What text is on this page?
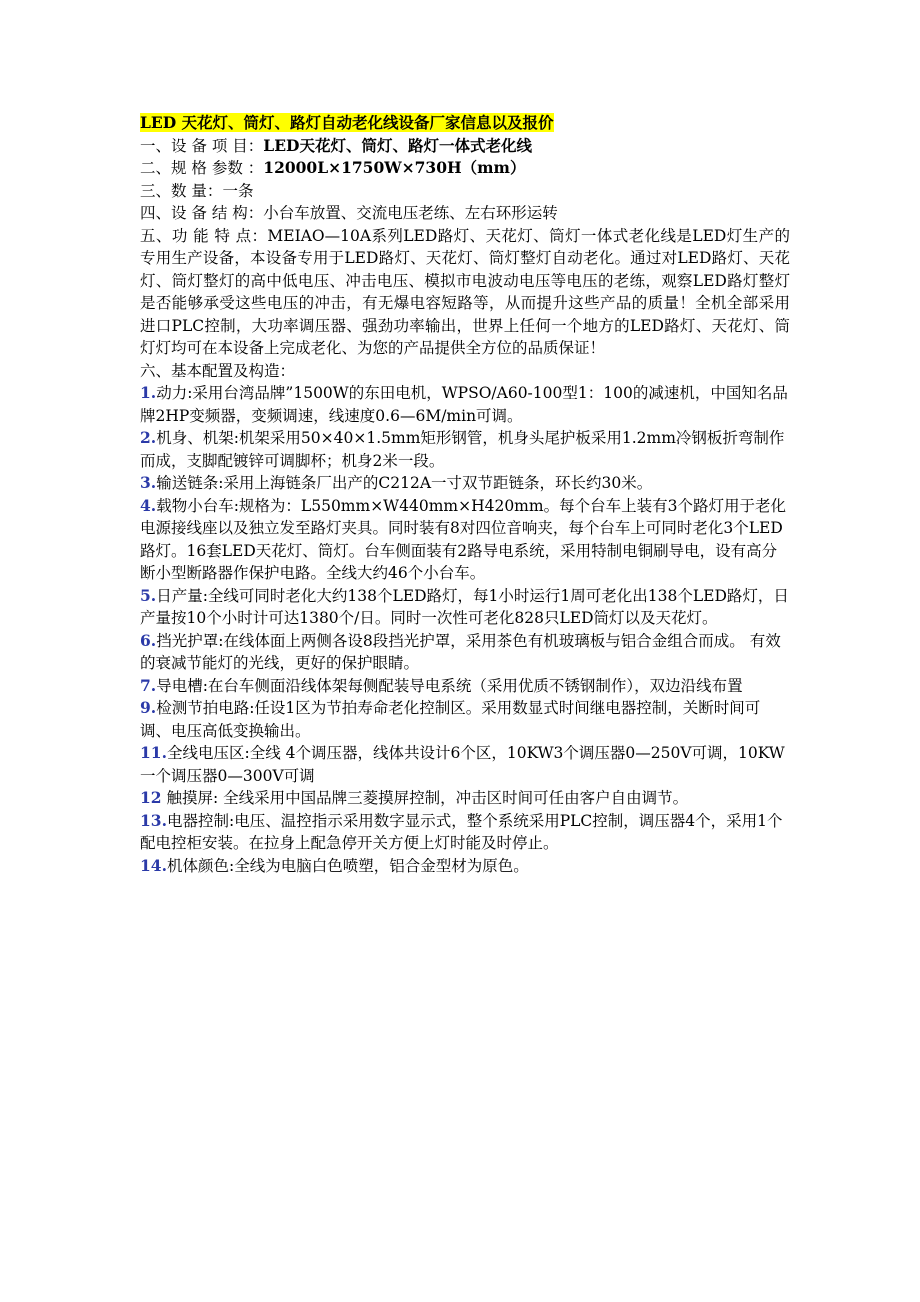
LED 天花灯、筒灯、路灯自动老化线设备厂家信息以及报价

一、设 备 项 目：LED天花灯、筒灯、路灯一体式老化线

二、规 格 参数 ：12000L×1750W×730H（mm）

三、数 量：一条

四、设 备 结 构：小台车放置、交流电压老练、左右环形运转

五、功 能 特 点：MEIAO—10A系列LED路灯、天花灯、筒灯一体式老化线是LED灯生产的专用生产设备，本设备专用于LED路灯、天花灯、筒灯整灯自动老化。通过对LED路灯、天花灯、筒灯整灯的高中低电压、冲击电压、模拟市电波动电压等电压的老练，观察LED路灯整灯是否能够承受这些电压的冲击，有无爆电容短路等，从而提升这些产品的质量！全机全部采用进口PLC控制，大功率调压器、强劲功率输出，世界上任何一个地方的LED路灯、天花灯、筒灯灯均可在本设备上完成老化、为您的产品提供全方位的品质保证！

六、基本配置及构造：

1.动力:采用台湾品牌”1500W的东田电机，WPSO/A60-100型1：100的减速机，中国知名品牌2HP变频器，变频调速，线速度0.6—6M/min可调。

2.机身、机架:机架采用50×40×1.5mm矩形钢管，机身头尾护板采用1.2mm冷钢板折弯制作而成，支脚配镀锌可调脚杯；机身2米一段。

3.输送链条:采用上海链条厂出产的C212A一寸双节距链条，环长约30米。

4.载物小台车:规格为：L550mm×W440mm×H420mm。每个台车上装有3个路灯用于老化电源接线座以及独立发至路灯夹具。同时装有8对四位音响夹，每个台车上可同时老化3个LED路灯。16套LED天花灯、筒灯。台车侧面装有2路导电系统，采用特制电铜刷导电，设有高分断小型断路器作保护电路。全线大约46个小台车。

5.日产量:全线可同时老化大约138个LED路灯，每1小时运行1周可老化出138个LED路灯，日产量按10个小时计可达1380个/日。同时一次性可老化828只LED筒灯以及天花灯。

6.挡光护罩:在线体面上两侧各设8段挡光护罩，采用茶色有机玻璃板与铝合金组合而成。 有效的衰减节能灯的光线，更好的保护眼睛。

7.导电槽:在台车侧面沿线体架每侧配装导电系统（采用优质不锈钢制作），双边沿线布置

9.检测节拍电路:任设1区为节拍寿命老化控制区。采用数显式时间继电器控制，关断时间可调、电压高低变换输出。

11.全线电压区:全线 4个调压器，线体共设计6个区，10KW3个调压器0—250V可调，10KW一个调压器0—300V可调

12 触摸屏: 全线采用中国品牌三菱摸屏控制，冲击区时间可任由客户自由调节。

13.电器控制:电压、温控指示采用数字显示式，整个系统采用PLC控制，调压器4个，采用1个配电控柜安装。在拉身上配急停开关方便上灯时能及时停止。

14.机体颜色:全线为电脑白色喷塑，铝合金型材为原色。
